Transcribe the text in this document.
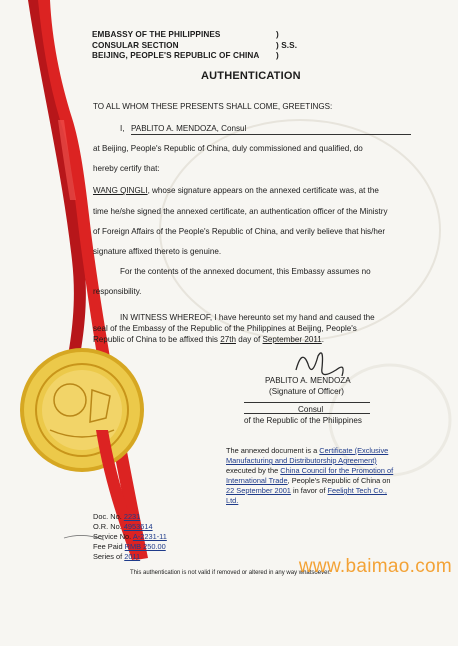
EMBASSY OF THE PHILIPPINES
CONSULAR SECTION
BEIJING, PEOPLE'S REPUBLIC OF CHINA
)
) S.S.
)
AUTHENTICATION
TO ALL WHOM THESE PRESENTS SHALL COME, GREETINGS:
I, PABLITO A. MENDOZA, Consul
at Beijing, People's Republic of China, duly commissioned and qualified, do
hereby certify that:
WANG QINGLI, whose signature appears on the annexed certificate was, at the
time he/she signed the annexed certificate, an authentication officer of the Ministry
of Foreign Affairs of the People's Republic of China, and verily believe that his/her
signature affixed thereto is genuine.
For the contents of the annexed document, this Embassy assumes no
responsibility.
IN WITNESS WHEREOF, I have hereunto set my hand and caused the
seal of the Embassy of the Republic of the Philippines at Beijing, People's
Republic of China to be affixed this 27th day of September 2011.
PABLITO A. MENDOZA
(Signature of Officer)
Consul
of the Republic of the Philippines
The annexed document is a Certificate (Exclusive
Manufacturing and Distributorship Agreement)
executed by the China Council for the Promotion of
International Trade, People's Republic of China on
22 September 2001 in favor of Feelight Tech Co.,
Ltd.
Doc. No. 2231
O.R. No. 4953614
Service No. A-2231-11
Fee Paid RMB 250.00
Series of 2011
This authentication is not valid if removed or altered in any way whatsoever.
www.baimao.com
